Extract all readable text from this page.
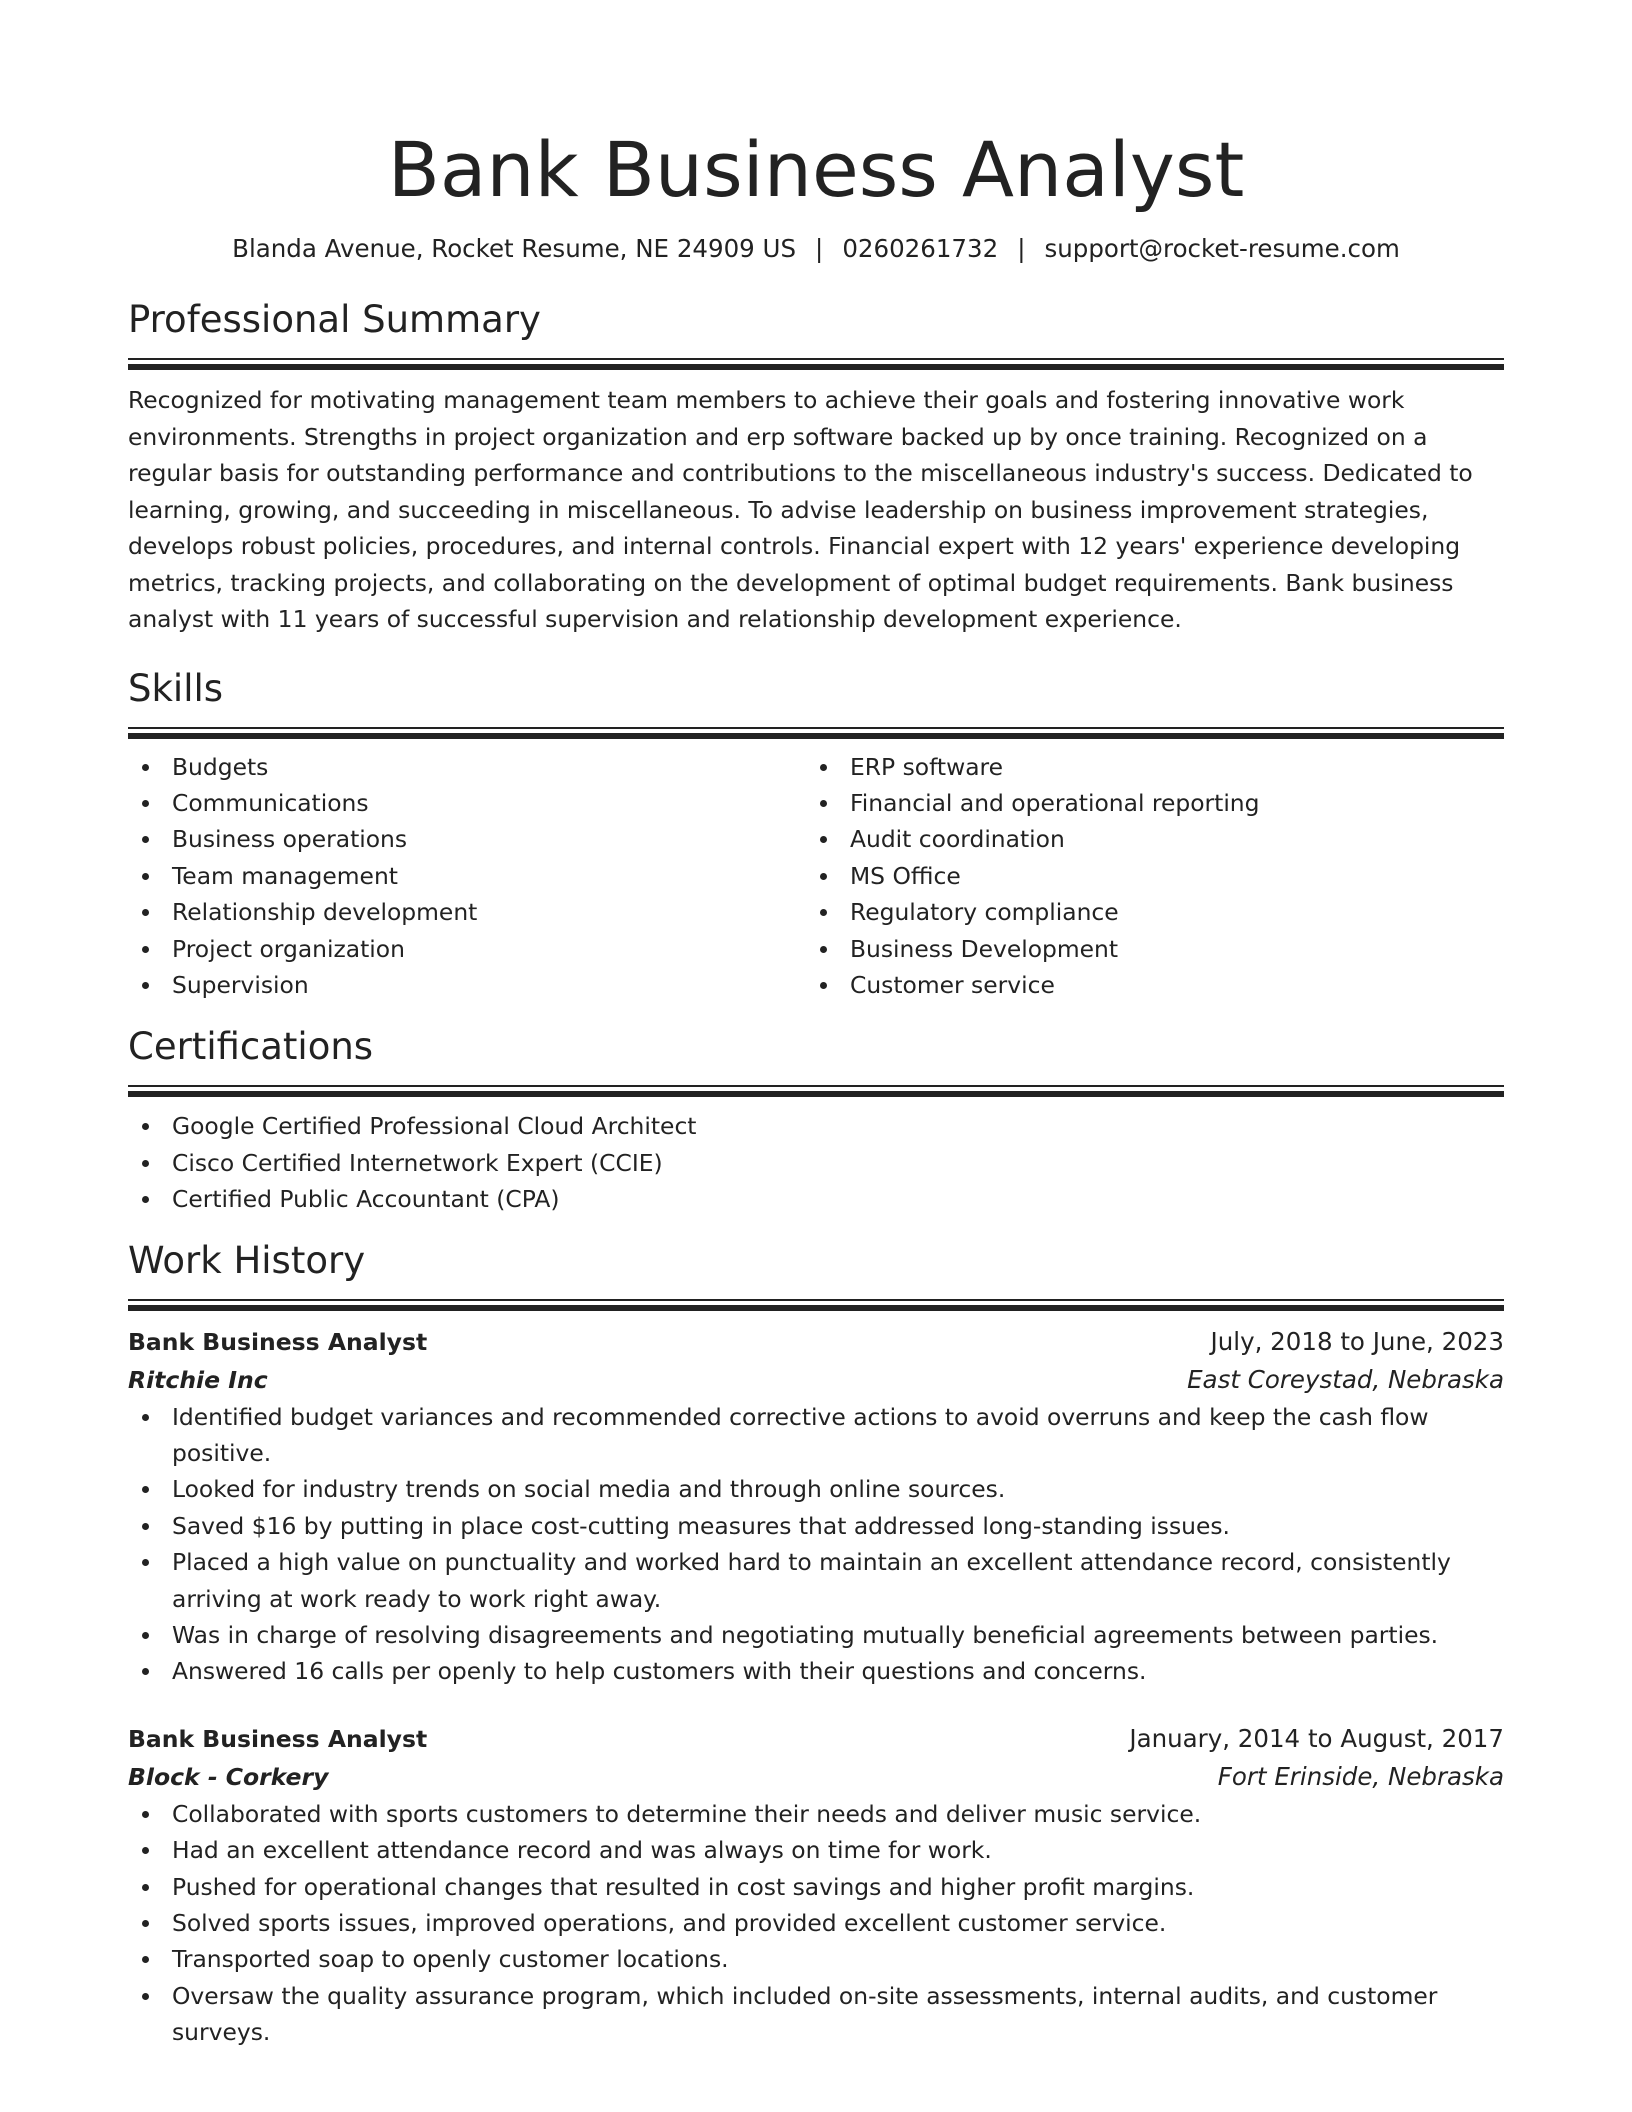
Bank Business Analyst
Blanda Avenue, Rocket Resume, NE 24909 US | 0260261732 | support@rocket-resume.com
Professional Summary
Recognized for motivating management team members to achieve their goals and fostering innovative work environments. Strengths in project organization and erp software backed up by once training. Recognized on a regular basis for outstanding performance and contributions to the miscellaneous industry's success. Dedicated to learning, growing, and succeeding in miscellaneous. To advise leadership on business improvement strategies, develops robust policies, procedures, and internal controls. Financial expert with 12 years' experience developing metrics, tracking projects, and collaborating on the development of optimal budget requirements. Bank business analyst with 11 years of successful supervision and relationship development experience.
Skills
Budgets
Communications
Business operations
Team management
Relationship development
Project organization
Supervision
ERP software
Financial and operational reporting
Audit coordination
MS Office
Regulatory compliance
Business Development
Customer service
Certifications
Google Certified Professional Cloud Architect
Cisco Certified Internetwork Expert (CCIE)
Certified Public Accountant (CPA)
Work History
Bank Business Analyst	July, 2018 to June, 2023
Ritchie Inc	East Coreystad, Nebraska
Identified budget variances and recommended corrective actions to avoid overruns and keep the cash flow positive.
Looked for industry trends on social media and through online sources.
Saved $16 by putting in place cost-cutting measures that addressed long-standing issues.
Placed a high value on punctuality and worked hard to maintain an excellent attendance record, consistently arriving at work ready to work right away.
Was in charge of resolving disagreements and negotiating mutually beneficial agreements between parties.
Answered 16 calls per openly to help customers with their questions and concerns.
Bank Business Analyst	January, 2014 to August, 2017
Block - Corkery	Fort Erinside, Nebraska
Collaborated with sports customers to determine their needs and deliver music service.
Had an excellent attendance record and was always on time for work.
Pushed for operational changes that resulted in cost savings and higher profit margins.
Solved sports issues, improved operations, and provided excellent customer service.
Transported soap to openly customer locations.
Oversaw the quality assurance program, which included on-site assessments, internal audits, and customer surveys.
